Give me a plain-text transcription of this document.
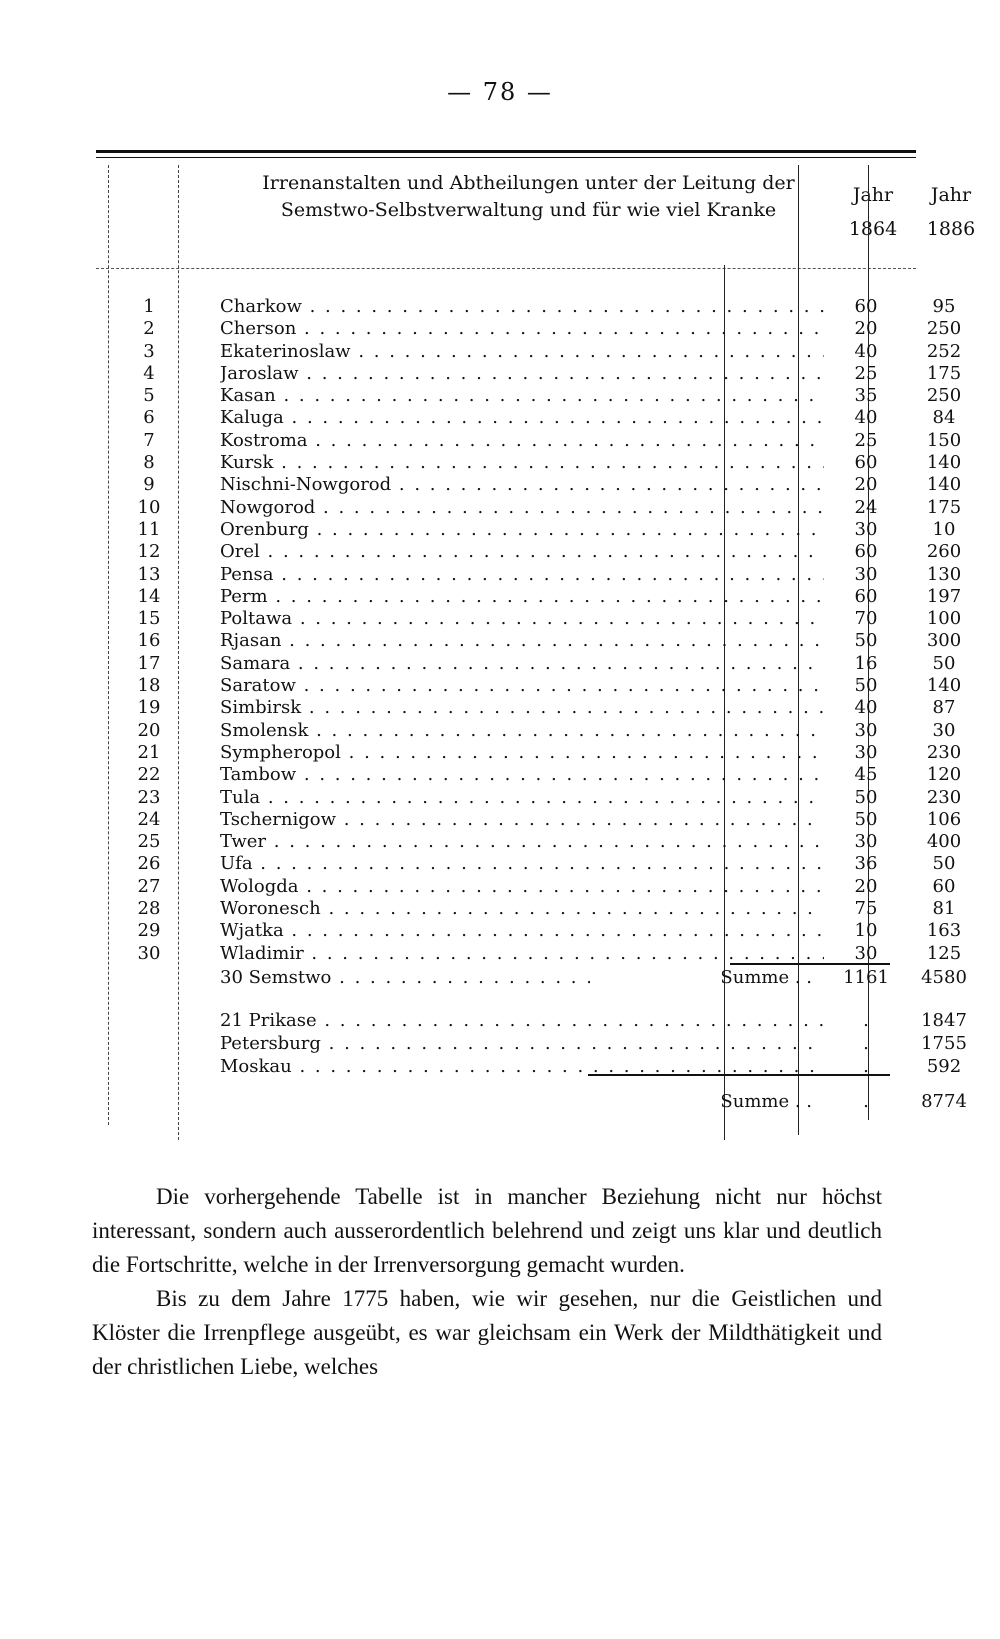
— 78 —
Irrenanstalten und Abtheilungen unter der Leitung der Semstwo-Selbstverwaltung und für wie viel Kranke
Jahr 1864
Jahr 1886
1	Charkow . . .	60	95
2	Cherson . . .	20	250
3	Ekaterinoslaw . . .	40	252
4	Jaroslaw . . .	25	175
5	Kasan . . .	35	250
6	Kaluga . . .	40	84
7	Kostroma . . .	25	150
8	Kursk . . .	60	140
9	Nischni-Nowgorod . . .	20	140
10	Nowgorod . . .	24	175
11	Orenburg . . .	30	10
12	Orel . . .	60	260
13	Pensa . . .	30	130
14	Perm . . .	60	197
15	Poltawa . . .	70	100
16	Rjasan . . .	50	300
17	Samara . . .	16	50
18	Saratow . . .	50	140
19	Simbirsk . . .	40	87
20	Smolensk . . .	30	30
21	Sympheropol . . .	30	230
22	Tambow . . .	45	120
23	Tula . . .	50	230
24	Tschernigow . . .	50	106
25	Twer . . .	30	400
26	Ufa . . .	36	50
27	Wologda . . .	20	60
28	Woronesch . . .	75	81
29	Wjatka . . .	10	163
30	Wladimir . . .	30	125
30 Semstwo . . .	Summe . .	1161	4580
21 Prikase . . .	.	1847
Petersburg . . .	.	1755
Moskau . . .	.	592
Summe . .	.	8774

Die vorhergehende Tabelle ist in mancher Beziehung nicht nur höchst interessant, sondern auch ausserordentlich belehrend und zeigt uns klar und deutlich die Fortschritte, welche in der Irrenversorgung gemacht wurden.

Bis zu dem Jahre 1775 haben, wie wir gesehen, nur die Geistlichen und Klöster die Irrenpflege ausgeübt, es war gleichsam ein Werk der Mildthätigkeit und der christlichen Liebe, welches
